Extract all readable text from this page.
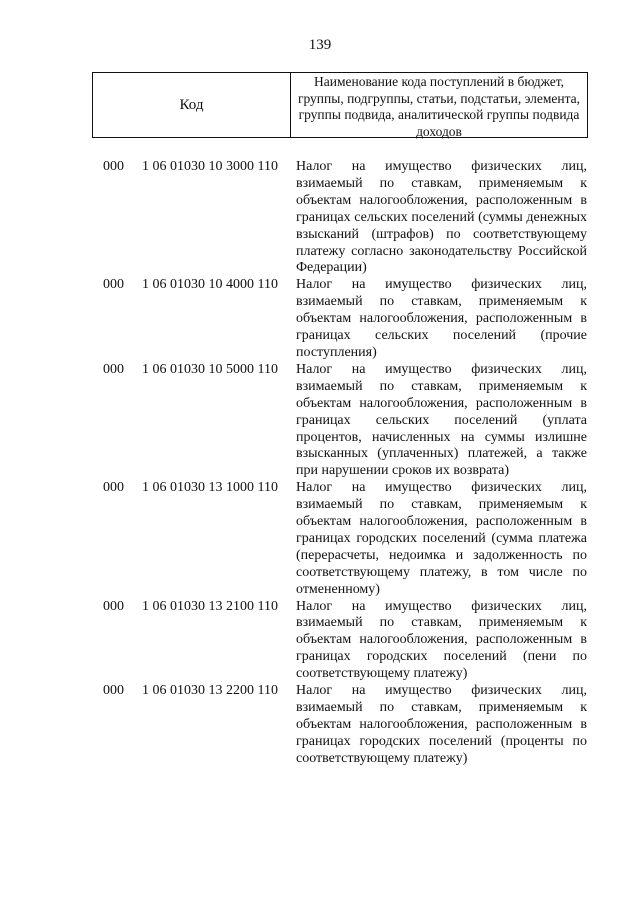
139
Код
Наименование кода поступлений в бюджет, группы, подгруппы, статьи, подстатьи, элемента, группы подвида, аналитической группы подвида доходов
000 1 06 01030 10 3000 110 Налог на имущество физических лиц, взимаемый по ставкам, применяемым к объектам налогообложения, расположенным в границах сельских поселений (суммы денежных взысканий (штрафов) по соответствующему платежу согласно законодательству Российской Федерации)
000 1 06 01030 10 4000 110 Налог на имущество физических лиц, взимаемый по ставкам, применяемым к объектам налогообложения, расположенным в границах сельских поселений (прочие поступления)
000 1 06 01030 10 5000 110 Налог на имущество физических лиц, взимаемый по ставкам, применяемым к объектам налогообложения, расположенным в границах сельских поселений (уплата процентов, начисленных на суммы излишне взысканных (уплаченных) платежей, а также при нарушении сроков их возврата)
000 1 06 01030 13 1000 110 Налог на имущество физических лиц, взимаемый по ставкам, применяемым к объектам налогообложения, расположенным в границах городских поселений (сумма платежа (перерасчеты, недоимка и задолженность по соответствующему платежу, в том числе по отмененному)
000 1 06 01030 13 2100 110 Налог на имущество физических лиц, взимаемый по ставкам, применяемым к объектам налогообложения, расположенным в границах городских поселений (пени по соответствующему платежу)
000 1 06 01030 13 2200 110 Налог на имущество физических лиц, взимаемый по ставкам, применяемым к объектам налогообложения, расположенным в границах городских поселений (проценты по соответствующему платежу)
